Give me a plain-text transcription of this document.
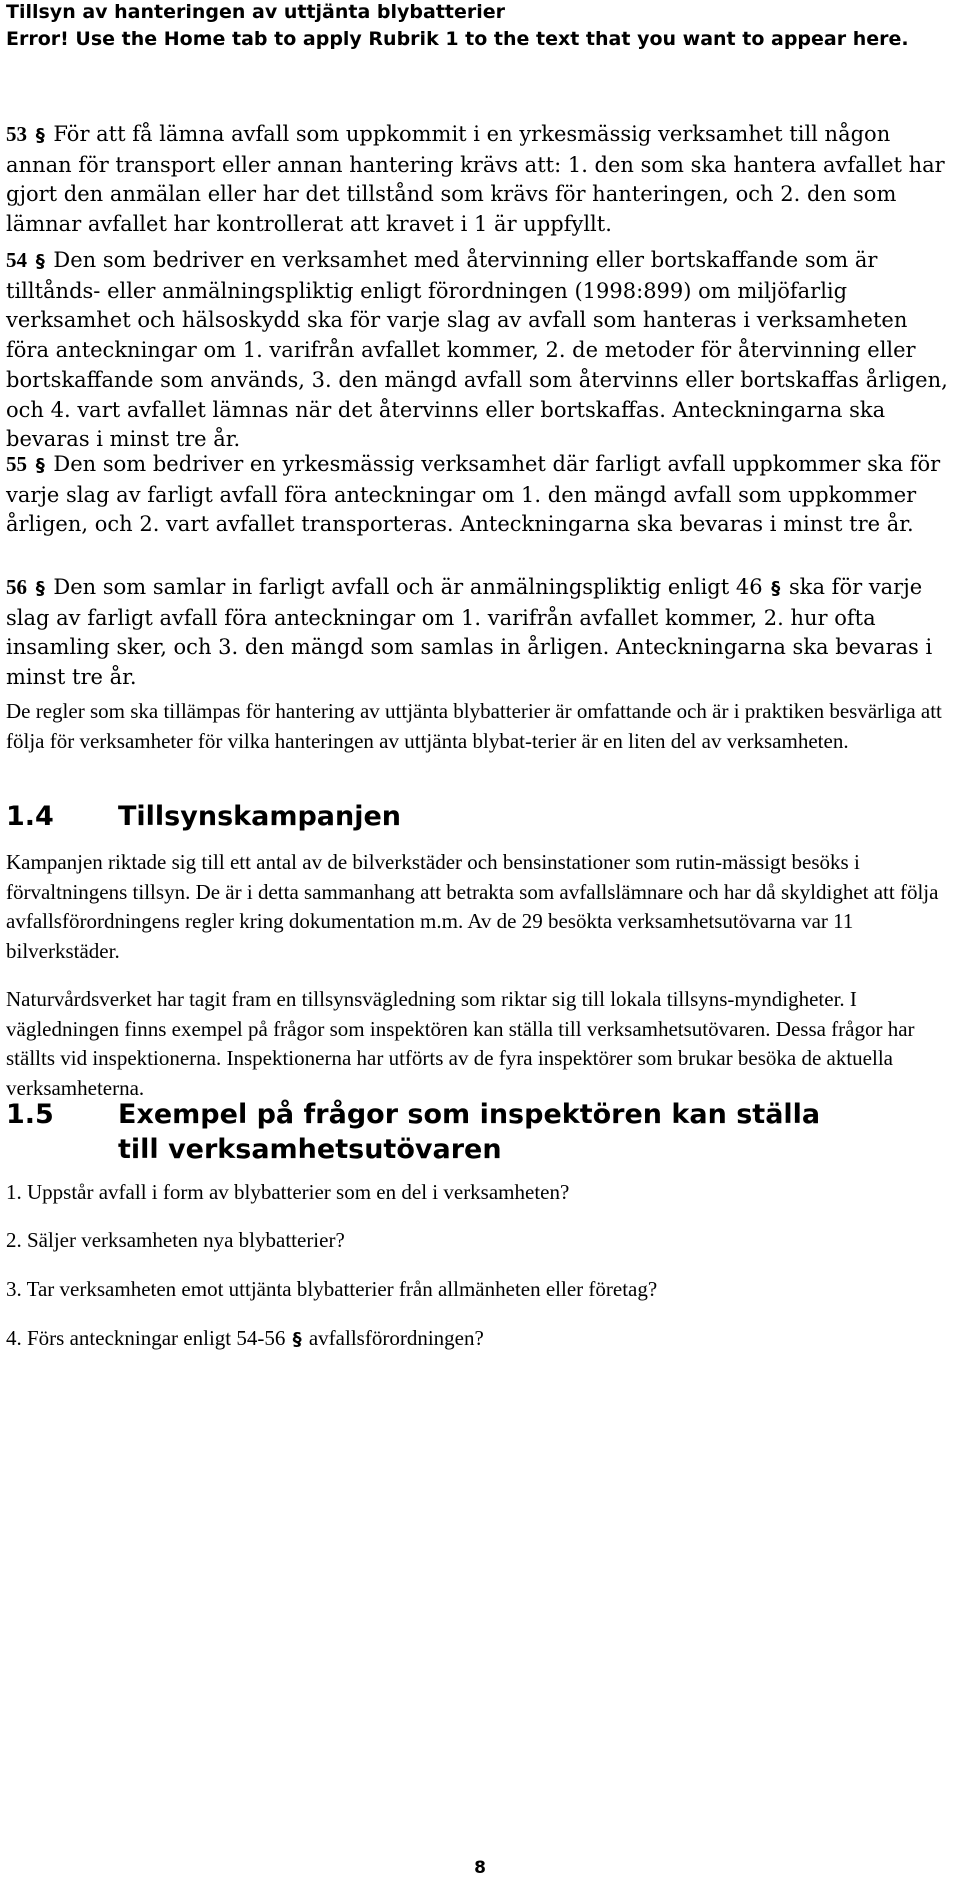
Tillsyn av hanteringen av uttjänta blybatterier
Error! Use the Home tab to apply Rubrik 1 to the text that you want to appear here.

53 § För att få lämna avfall som uppkommit i en yrkesmässig verksamhet till någon annan för transport eller annan hantering krävs att: 1. den som ska hantera avfallet har gjort den anmälan eller har det tillstånd som krävs för hanteringen, och 2. den som lämnar avfallet har kontrollerat att kravet i 1 är uppfyllt.

54 § Den som bedriver en verksamhet med återvinning eller bortskaffande som är tilltånds- eller anmälningspliktig enligt förordningen (1998:899) om miljöfarlig verksamhet och hälsoskydd ska för varje slag av avfall som hanteras i verksamheten föra anteckningar om 1. varifrån avfallet kommer, 2. de metoder för återvinning eller bortskaffande som används, 3. den mängd avfall som återvinns eller bortskaffas årligen, och 4. vart avfallet lämnas när det återvinns eller bortskaffas. Anteckningarna ska bevaras i minst tre år.

55 § Den som bedriver en yrkesmässig verksamhet där farligt avfall uppkommer ska för varje slag av farligt avfall föra anteckningar om 1. den mängd avfall som uppkommer årligen, och 2. vart avfallet transporteras. Anteckningarna ska bevaras i minst tre år.

56 § Den som samlar in farligt avfall och är anmälningspliktig enligt 46 § ska för varje slag av farligt avfall föra anteckningar om 1. varifrån avfallet kommer, 2. hur ofta insamling sker, och 3. den mängd som samlas in årligen. Anteckningarna ska bevaras i minst tre år.

De regler som ska tillämpas för hantering av uttjänta blybatterier är omfattande och är i praktiken besvärliga att följa för verksamheter för vilka hanteringen av uttjänta blybat-terier är en liten del av verksamheten.

1.4 Tillsynskampanjen

Kampanjen riktade sig till ett antal av de bilverkstäder och bensinstationer som rutin-mässigt besöks i förvaltningens tillsyn. De är i detta sammanhang att betrakta som avfallslämnare och har då skyldighet att följa avfallsförordningens regler kring dokumentation m.m. Av de 29 besökta verksamhetsutövarna var 11 bilverkstäder.

Naturvårdsverket har tagit fram en tillsynsvägledning som riktar sig till lokala tillsyns-myndigheter. I vägledningen finns exempel på frågor som inspektören kan ställa till verksamhetsutövaren. Dessa frågor har ställts vid inspektionerna. Inspektionerna har utförts av de fyra inspektörer som brukar besöka de aktuella verksamheterna.

1.5 Exempel på frågor som inspektören kan ställa till verksamhetsutövaren

1. Uppstår avfall i form av blybatterier som en del i verksamheten?

2. Säljer verksamheten nya blybatterier?

3. Tar verksamheten emot uttjänta blybatterier från allmänheten eller företag?

4. Förs anteckningar enligt 54-56 § avfallsförordningen?

8
